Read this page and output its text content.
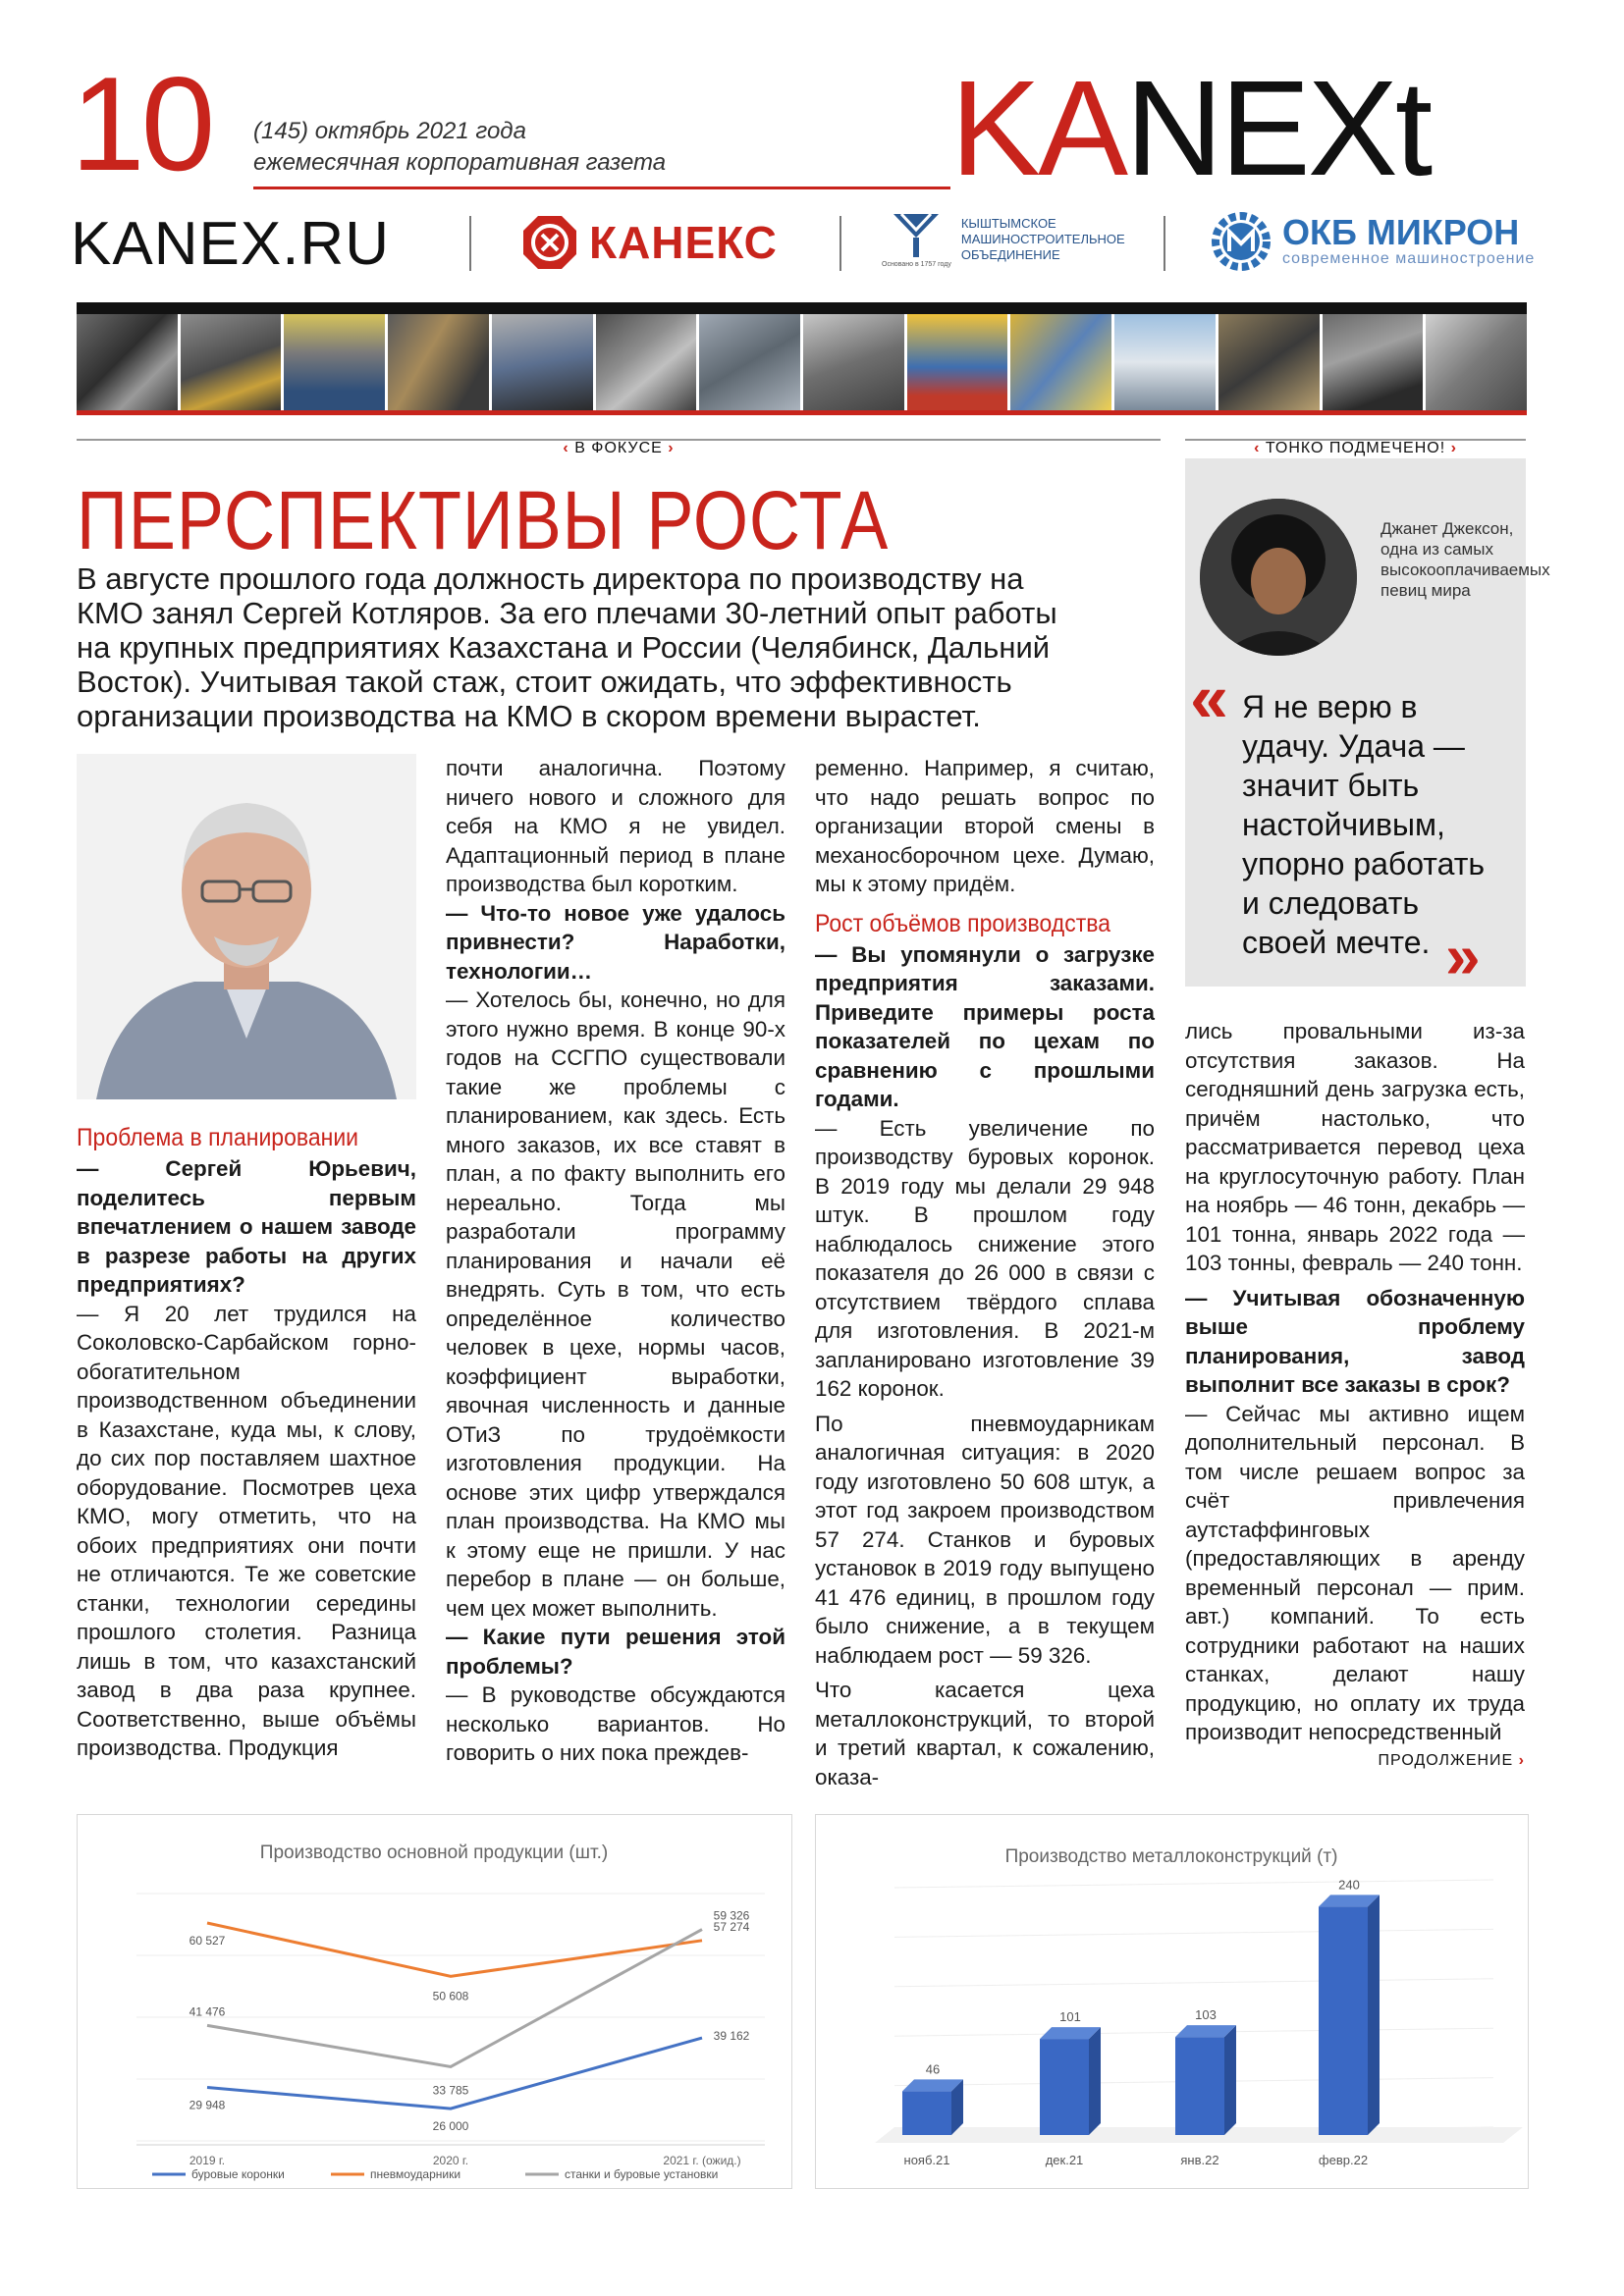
10 (145) октябрь 2021 года
ежемесячная корпоративная газета KANEXt
KANEX.RU	КАНЕКС	Основано в 1757 году
КЫШТЫМСКОЕ
МАШИНОСТРОИТЕЛЬНОЕ
ОБЪЕДИНЕНИЕ
ОКБ МИКРОН
современное машиностроение
‹ В ФОКУСЕ ›	‹ ТОНКО ПОДМЕЧЕНО! ›
ПЕРСПЕКТИВЫ РОСТА
В августе прошлого года должность директора по производству на КМО занял Сергей Котляров. За его плечами 30-летний опыт работы на крупных предприятиях Казахстана и России (Челябинск, Дальний Восток). Учитывая такой стаж, стоит ожидать, что эффективность организации производства на КМО в скором времени вырастет.
Джанет Джексон, одна из самых высокооплачиваемых певиц мира
« Я не верю в удачу. Удача — значит быть настойчивым, упорно работать и следовать своей мечте. »

Проблема в планировании

— Сергей Юрьевич, поделитесь первым впечатлением о нашем заводе в разрезе работы на других предприятиях?

— Я 20 лет трудился на Соколовско-Сарбайском горно-обогатительном производственном объединении в Казахстане, куда мы, к слову, до сих пор поставляем шахтное оборудование. Посмотрев цеха КМО, могу отметить, что на обоих предприятиях они почти не отличаются. Те же советские станки, технологии середины прошлого столетия. Разница лишь в том, что казахстанский завод в два раза крупнее. Соответственно, выше объёмы производства. Продукция

почти аналогична. Поэтому ничего нового и сложного для себя на КМО я не увидел. Адаптационный период в плане производства был коротким.

— Что-то новое уже удалось привнести? Наработки, технологии…

— Хотелось бы, конечно, но для этого нужно время. В конце 90-х годов на ССГПО существовали такие же проблемы с планированием, как здесь. Есть много заказов, их все ставят в план, а по факту выполнить его нереально. Тогда мы разработали программу планирования и начали её внедрять. Суть в том, что есть определённое количество человек в цехе, нормы часов, коэффициент выработки, явочная численность и данные ОТиЗ по трудоёмкости изготовления продукции. На основе этих цифр утверждался план производства. На КМО мы к этому еще не пришли. У нас перебор в плане — он больше, чем цех может выполнить.

— Какие пути решения этой проблемы?

— В руководстве обсуждаются несколько вариантов. Но говорить о них пока преждев-

ременно. Например, я считаю, что надо решать вопрос по организации второй смены в механосборочном цехе. Думаю, мы к этому придём.

Рост объёмов производства

— Вы упомянули о загрузке предприятия заказами. Приведите примеры роста показателей по цехам по сравнению с прошлыми годами.

— Есть увеличение по производству буровых коронок. В 2019 году мы делали 29 948 штук. В прошлом году наблюдалось снижение этого показателя до 26 000 в связи с отсутствием твёрдого сплава для изготовления. В 2021-м запланировано изготовление 39 162 коронок.

По пневмоударникам аналогичная ситуация: в 2020 году изготовлено 50 608 штук, а этот год закроем производством 57 274. Станков и буровых установок в 2019 году выпущено 41 476 единиц, в прошлом году было снижение, а в текущем наблюдаем рост — 59 326.

Что касается цеха металлоконструкций, то второй и третий квартал, к сожалению, оказа-

лись провальными из-за отсутствия заказов. На сегодняшний день загрузка есть, причём настолько, что рассматривается перевод цеха на круглосуточную работу. План на ноябрь — 46 тонн, декабрь — 101 тонна, январь 2022 года — 103 тонны, февраль — 240 тонн.

— Учитывая обозначенную выше проблему планирования, завод выполнит все заказы в срок?

— Сейчас мы активно ищем дополнительный персонал. В том числе решаем вопрос за счёт привлечения аутстаффинговых (предоставляющих в аренду временный персонал — прим. авт.) компаний. То есть сотрудники работают на наших станках, делают нашу продукцию, но оплату их труда производит непосредственный

ПРОДОЛЖЕНИЕ ›
Производство основной продукции (шт.)
2019 г.	2020 г.	2021 г. (ожид.)
29 948
26 000
39 162
60 527
50 608
57 274
41 476
33 785
59 326
буровые коронки	пневмоударники	станки и буровые установки
Производство металлоконструкций (т)
46
нояб.21
101
дек.21
103
янв.22
240
февр.22
